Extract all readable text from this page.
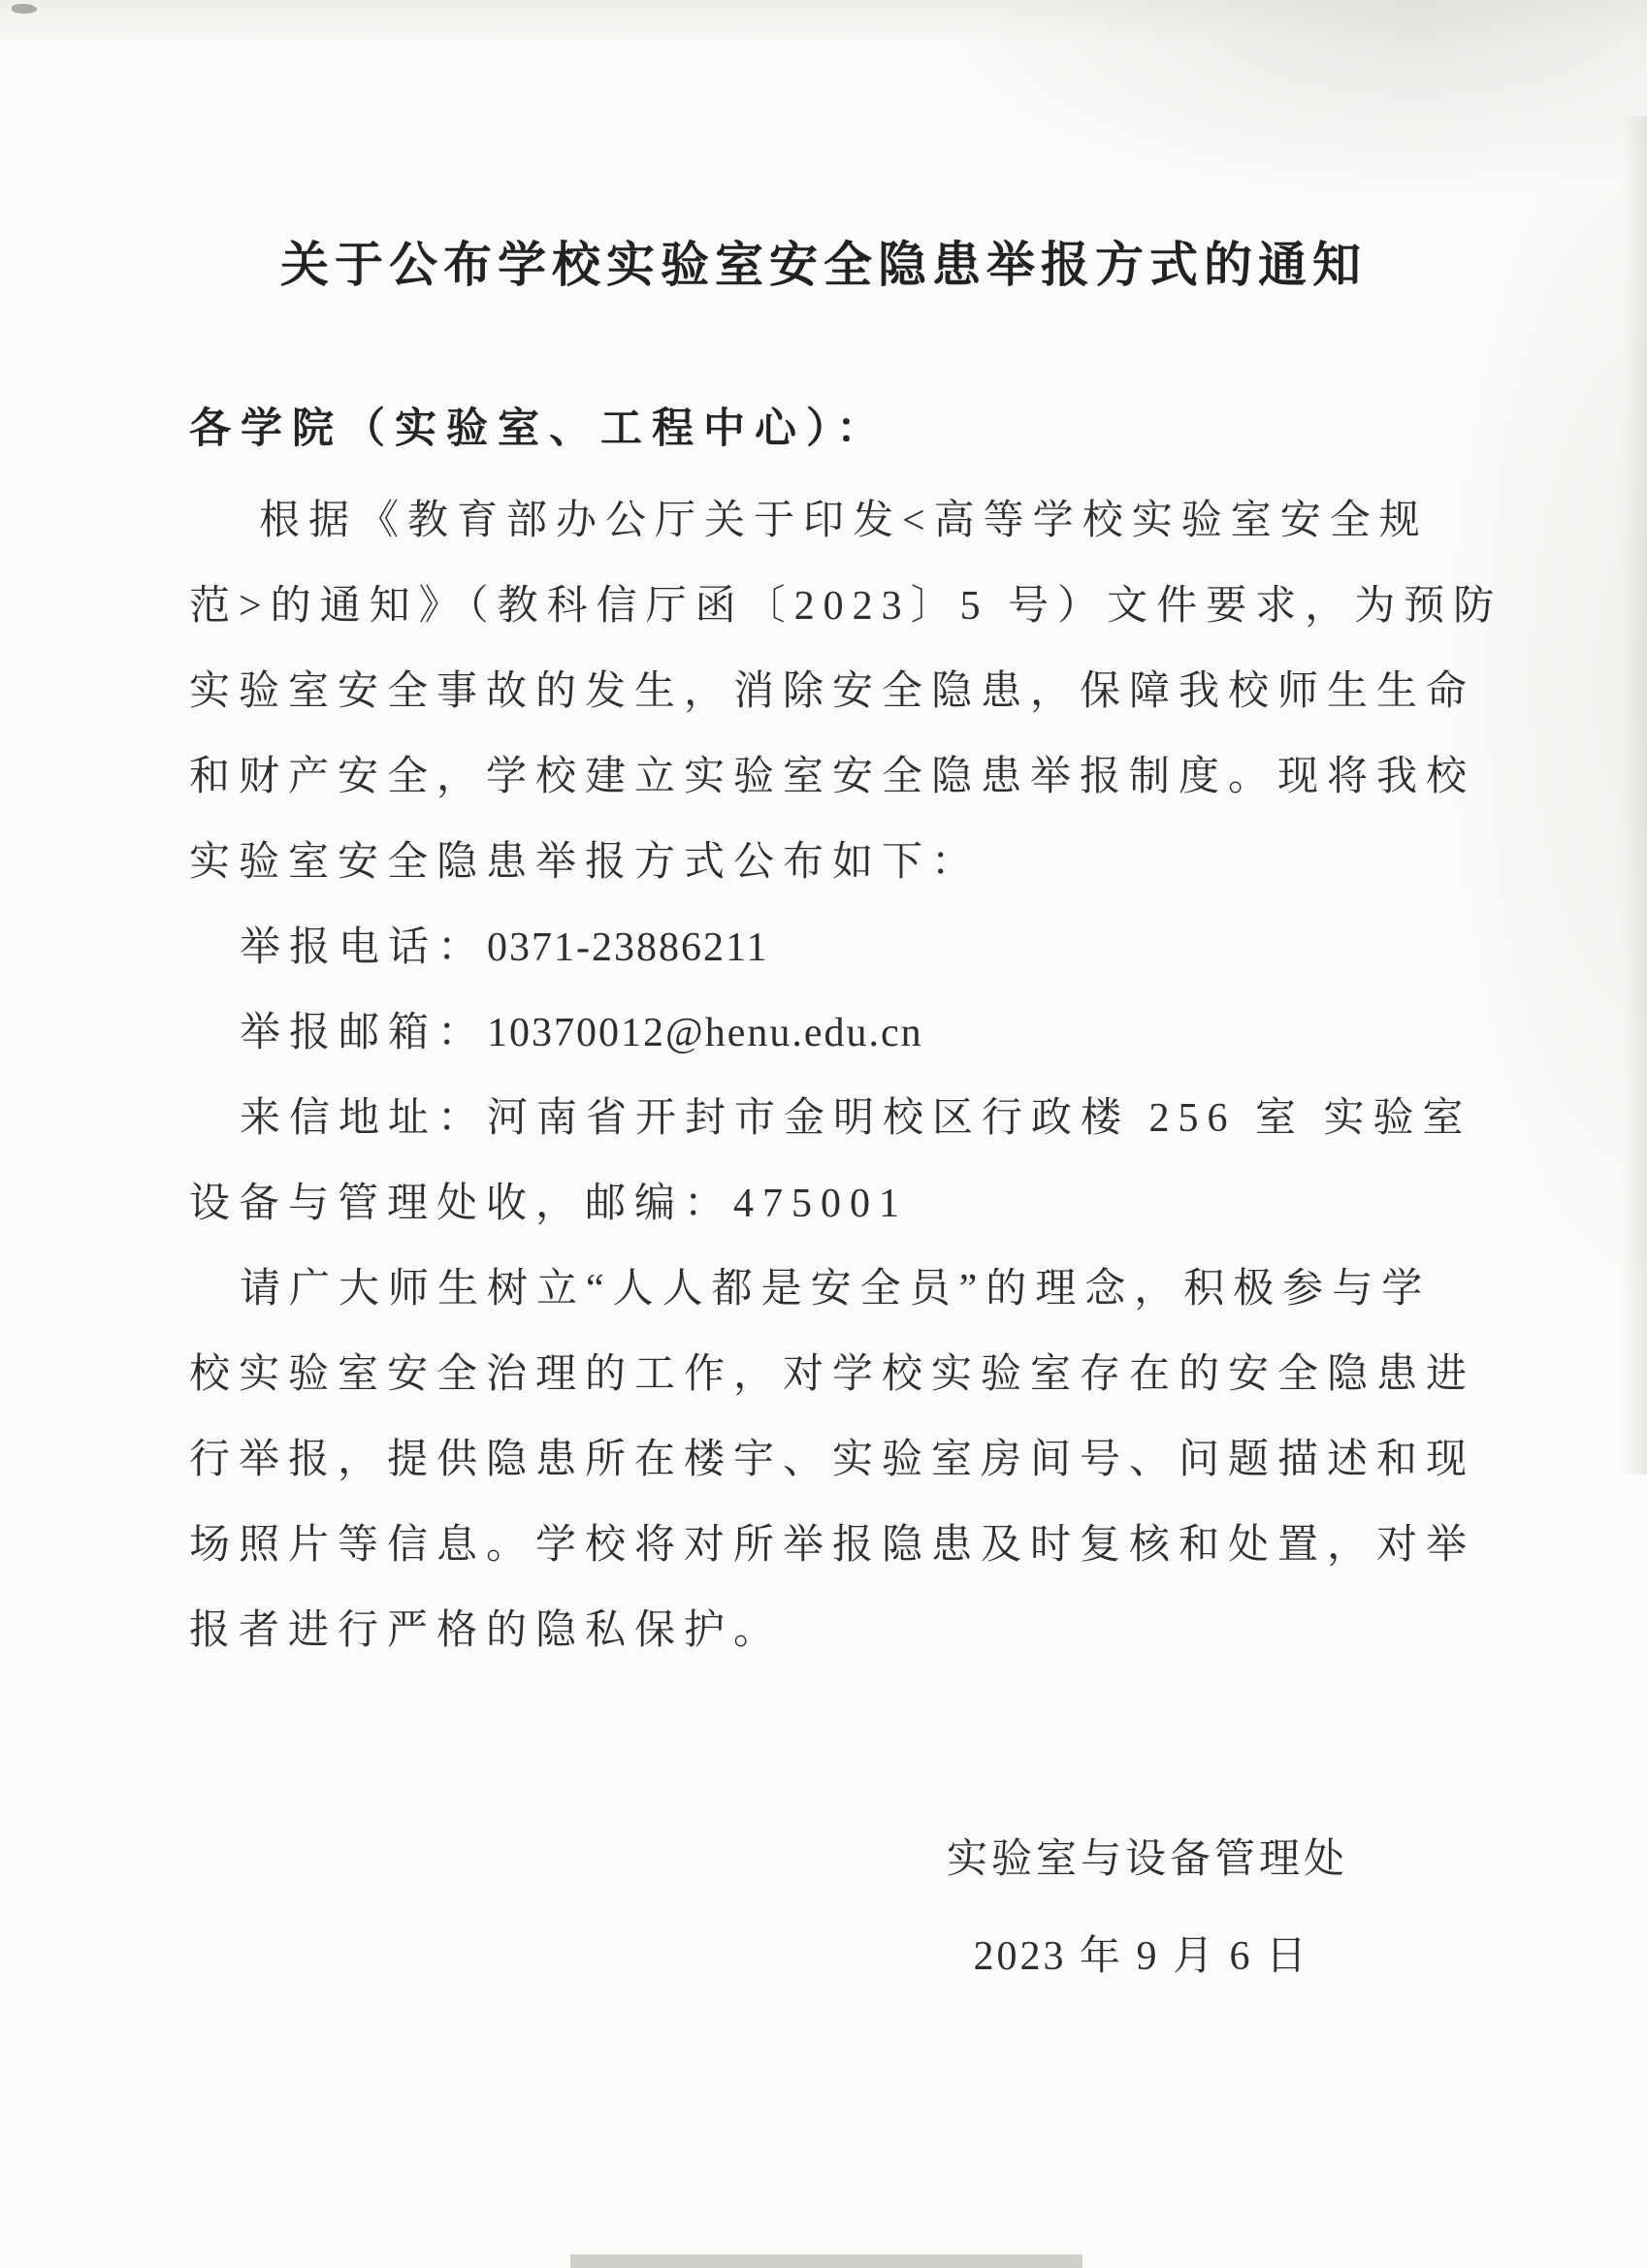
关于公布学校实验室安全隐患举报方式的通知
各学院（实验室、工程中心）：
根据《教育部办公厅关于印发<高等学校实验室安全规
范>的通知》（教科信厅函〔2023〕5 号）文件要求，为预防
实验室安全事故的发生，消除安全隐患，保障我校师生生命
和财产安全，学校建立实验室安全隐患举报制度。现将我校
实验室安全隐患举报方式公布如下：
举报电话：0371-23886211
举报邮箱：10370012@henu.edu.cn
来信地址：河南省开封市金明校区行政楼 256 室 实验室
设备与管理处收，邮编：475001
请广大师生树立“人人都是安全员”的理念，积极参与学
校实验室安全治理的工作，对学校实验室存在的安全隐患进
行举报，提供隐患所在楼宇、实验室房间号、问题描述和现
场照片等信息。学校将对所举报隐患及时复核和处置，对举
报者进行严格的隐私保护。
实验室与设备管理处
2023 年 9 月 6 日
